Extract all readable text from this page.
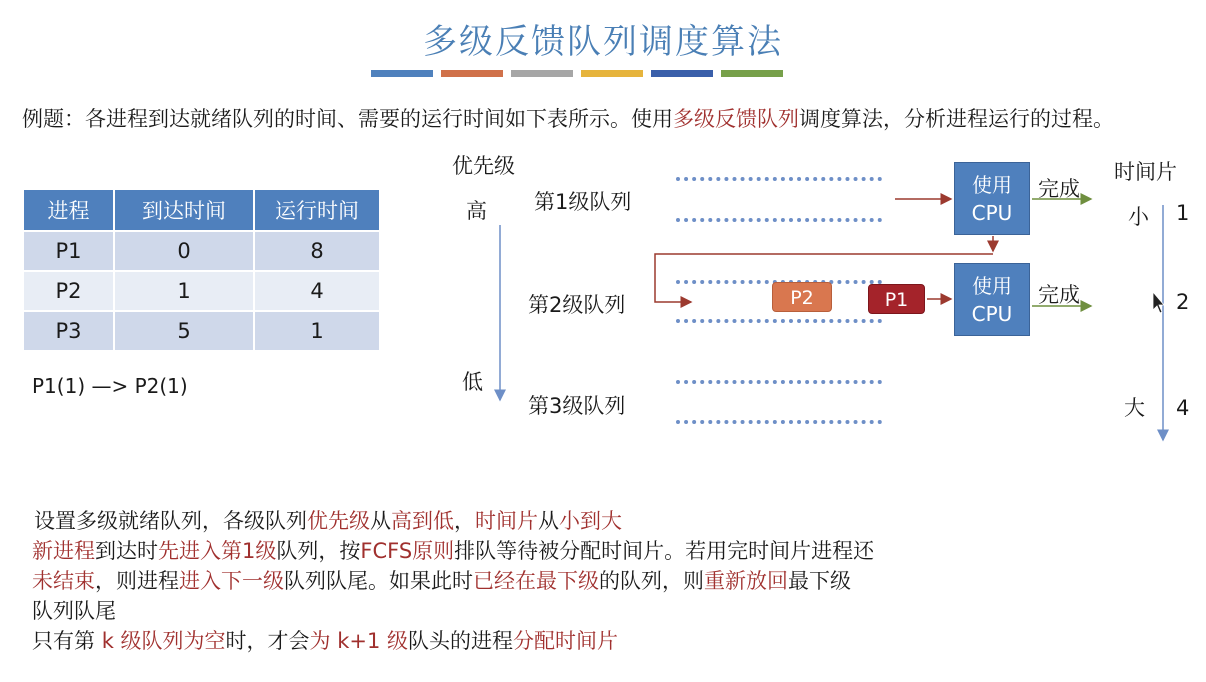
多级反馈队列调度算法
例题：各进程到达就绪队列的时间、需要的运行时间如下表所示。使用多级反馈队列调度算法，分析进程运行的过程。
进程	到达时间	运行时间
P1	0	8
P2	1	4
P3	5	1
P1(1) —> P2(1)
优先级
高
低
第1级队列
第2级队列
第3级队列
使用
CPU
使用
CPU
完成
完成
P2	P1
时间片
小
大
1
2
4
设置多级就绪队列，各级队列优先级从高到低，时间片从小到大
新进程到达时先进入第1级队列，按FCFS原则排队等待被分配时间片。若用完时间片进程还
未结束，则进程进入下一级队列队尾。如果此时已经在最下级的队列，则重新放回最下级
队列队尾
只有第 k 级队列为空时，才会为 k+1 级队头的进程分配时间片
